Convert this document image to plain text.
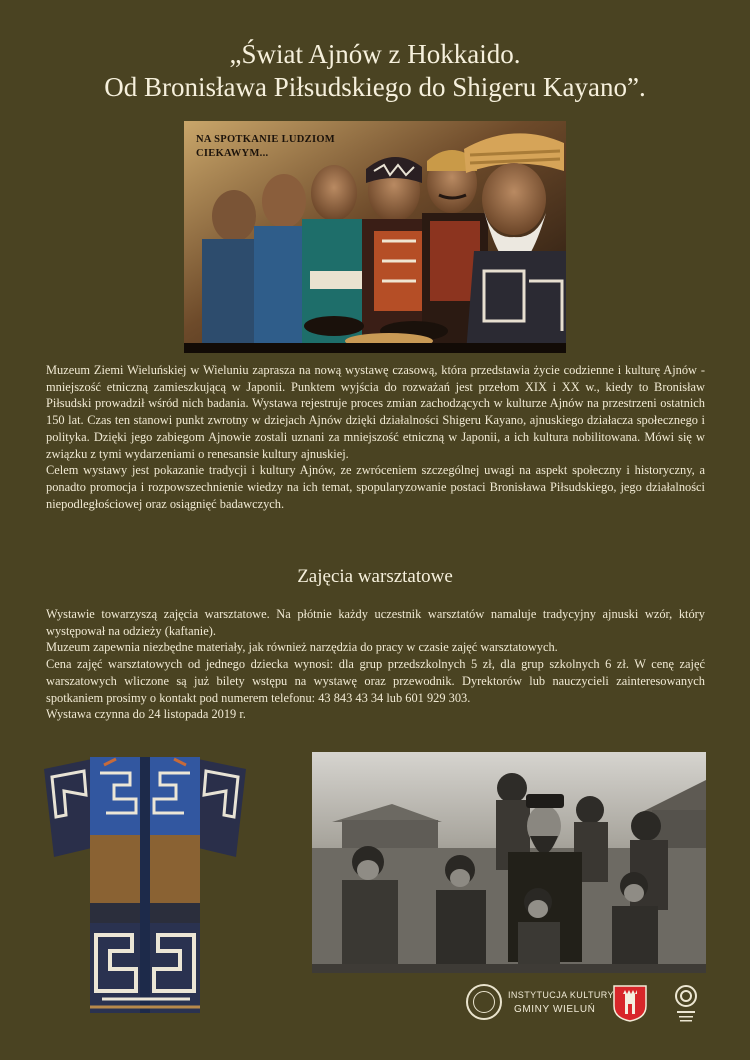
„Świat Ajnów z Hokkaido.
Od Bronisława Piłsudskiego do Shigeru Kayano”.
NA SPOTKANIE LUDZIOM
CIEKAWYM...

Muzeum Ziemi Wieluńskiej w Wieluniu zaprasza na nową wystawę czasową, która przedstawia życie codzienne i kulturę Ajnów - mniejszość etniczną zamieszkującą w Japonii. Punktem wyjścia do rozważań jest przełom XIX i XX w., kiedy to Bronisław Piłsudski prowadził wśród nich badania. Wystawa rejestruje proces zmian zachodzących w kulturze Ajnów na przestrzeni ostatnich 150 lat. Czas ten stanowi punkt zwrotny w dziejach Ajnów dzięki działalności Shigeru Kayano, ajnuskiego działacza społecznego i polityka. Dzięki jego zabiegom Ajnowie zostali uznani za mniejszość etniczną w Japonii, a ich kultura nobilitowana. Mówi się w związku z tymi wydarzeniami o renesansie kultury ajnuskiej.

Celem wystawy jest pokazanie tradycji i kultury Ajnów, ze zwróceniem szczególnej uwagi na aspekt społeczny i historyczny, a ponadto promocja i rozpowszechnienie wiedzy na ich temat, spopularyzowanie postaci Bronisława Piłsudskiego, jego działalności niepodległościowej oraz osiągnięć badawczych.

Zajęcia warsztatowe

Wystawie towarzyszą zajęcia warsztatowe. Na płótnie każdy uczestnik warsztatów namaluje tradycyjny ajnuski wzór, który występował na odzieży (kaftanie).

Muzeum zapewnia niezbędne materiały, jak również narzędzia do pracy w czasie zajęć warsztatowych.

Cena zajęć warsztatowych od jednego dziecka wynosi: dla grup przedszkolnych 5 zł, dla grup szkolnych 6 zł. W cenę zajęć warszatowych wliczone są już bilety wstępu na wystawę oraz przewodnik. Dyrektorów lub nauczycieli zainteresowanych spotkaniem prosimy o kontakt pod numerem telefonu: 43 843 43 34 lub 601 929 303.

Wystawa czynna do 24 listopada 2019 r.

INSTYTUCJA KULTURY
GMINY WIELUŃ
